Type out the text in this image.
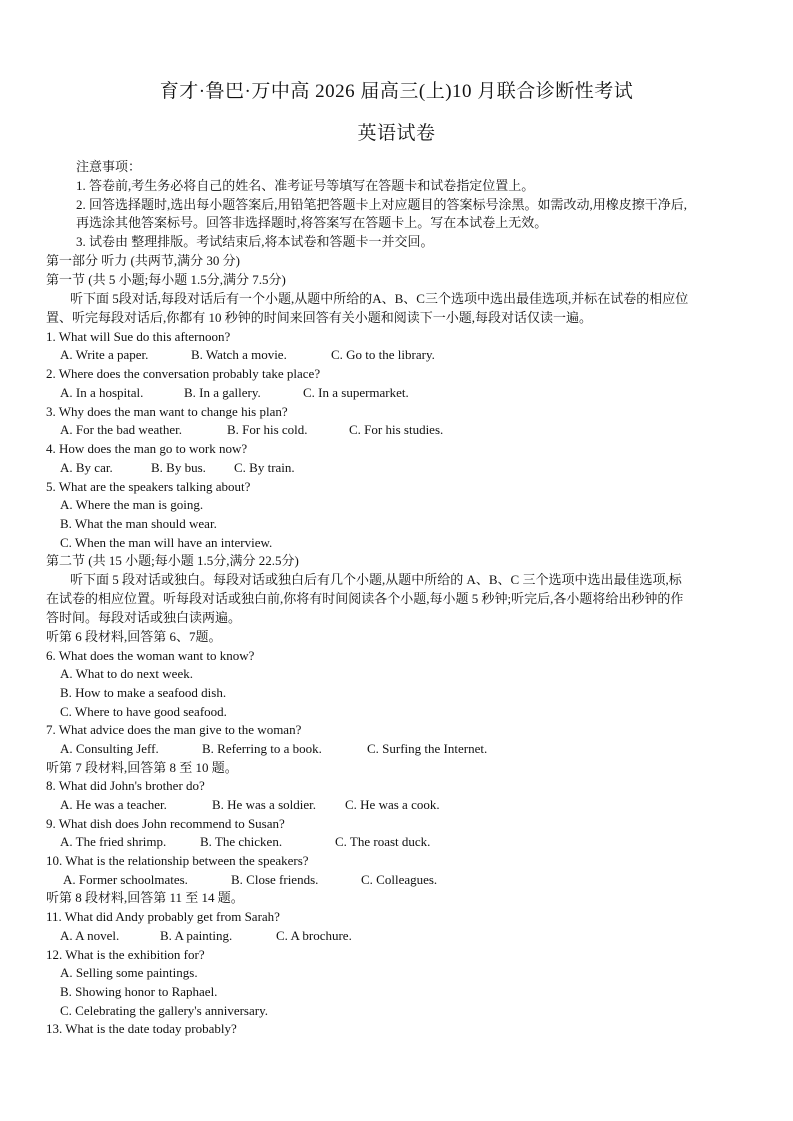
育才·鲁巴·万中高 2026 届高三(上)10 月联合诊断性考试
英语试卷
注意事项：
1. 答卷前,考生务必将自己的姓名、准考证号等填写在答题卡和试卷指定位置上。
2. 回答选择题时,选出每小题答案后,用铅笔把答题卡上对应题目的答案标号涂黑。如需改动,用橡皮擦干净后,
再选涂其他答案标号。回答非选择题时,将答案写在答题卡上。写在本试卷上无效。
3. 试卷由 整理排版。考试结束后,将本试卷和答题卡一并交回。
第一部分 听力 (共两节,满分 30 分)
第一节 (共 5 小题;每小题 1.5分,满分 7.5分)
听下面 5段对话,每段对话后有一个小题,从题中所给的A、B、C三个选项中选出最佳选项,并标在试卷的相应位
置、听完每段对话后,你都有 10 秒钟的时间来回答有关小题和阅读下一小题,每段对话仅读一遍。
1. What will Sue do this afternoon?
A. Write a paper.	B. Watch a movie.	C. Go to the library.
2. Where does the conversation probably take place?
A. In a hospital.	B. In a gallery.	C. In a supermarket.
3. Why does the man want to change his plan?
A. For the bad weather.	B. For his cold.	C. For his studies.
4. How does the man go to work now?
A. By car.	B. By bus. C. By train.
5. What are the speakers talking about?
A. Where the man is going.
B. What the man should wear.
C. When the man will have an interview.
第二节 (共 15 小题;每小题 1.5分,满分 22.5分)
听下面 5 段对话或独白。每段对话或独白后有几个小题,从题中所给的 A、B、C 三个选项中选出最佳选项,标
在试卷的相应位置。听每段对话或独白前,你将有时间阅读各个小题,每小题 5 秒钟;听完后,各小题将给出秒钟的作
答时间。每段对话或独白读两遍。
听第 6 段材料,回答第 6、7题。
6. What does the woman want to know?
A. What to do next week.
B. How to make a seafood dish.
C. Where to have good seafood.
7. What advice does the man give to the woman?
A. Consulting Jeff.	B. Referring to a book.	C. Surfing the Internet.
听第 7 段材料,回答第 8 至 10 题。
8. What did John's brother do?
A. He was a teacher.	B. He was a soldier. C. He was a cook.
9. What dish does John recommend to Susan?
A. The fried shrimp.	B. The chicken.	C. The roast duck.
10. What is the relationship between the speakers?
A. Former schoolmates.	B. Close friends.	C. Colleagues.
听第 8 段材料,回答第 11 至 14 题。
11. What did Andy probably get from Sarah?
A. A novel.	B. A painting.	C. A brochure.
12. What is the exhibition for?
A. Selling some paintings.
B. Showing honor to Raphael.
C. Celebrating the gallery's anniversary.
13. What is the date today probably?
